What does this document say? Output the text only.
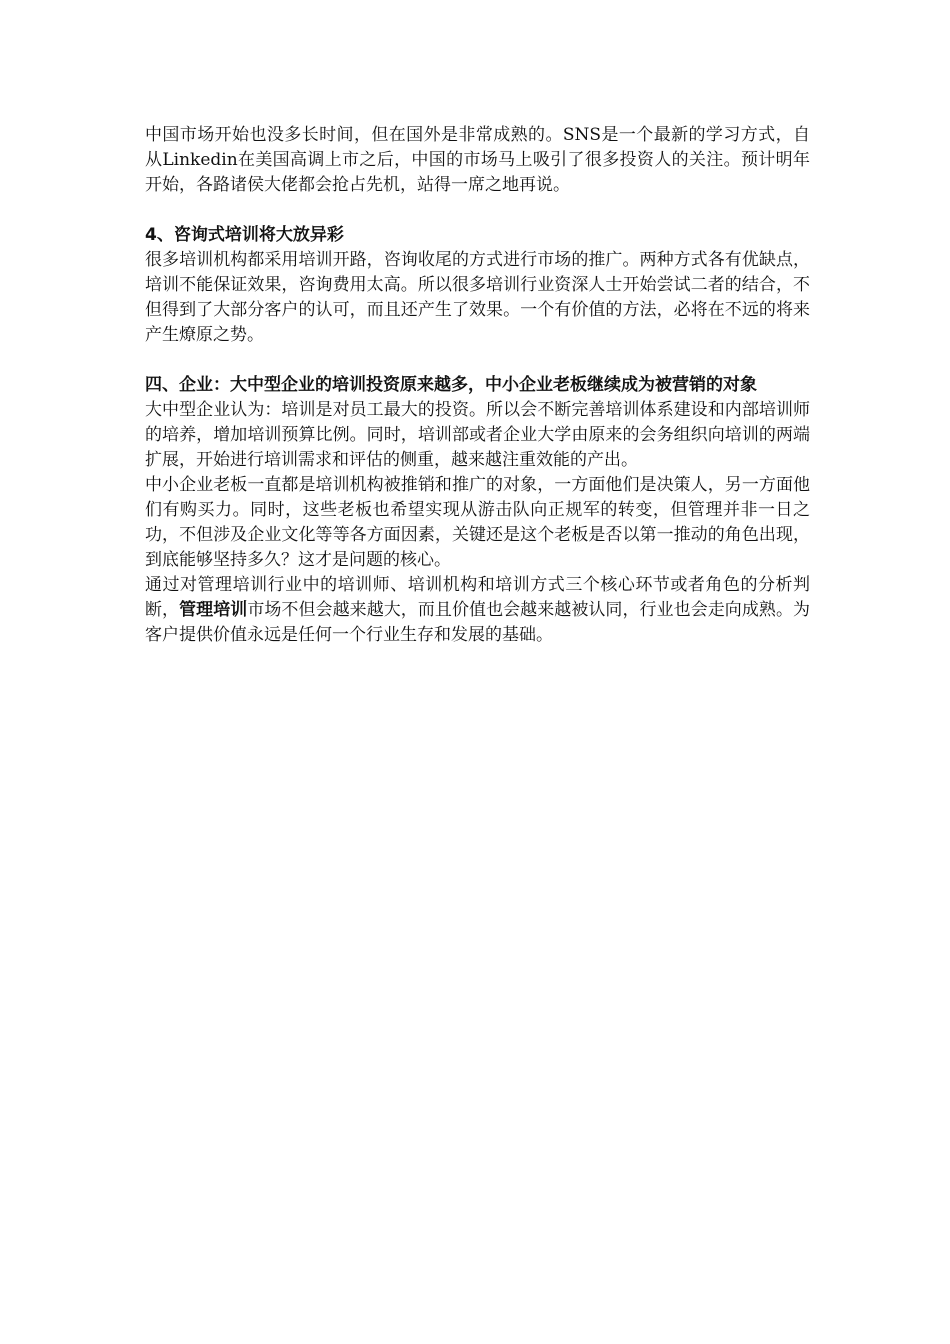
中国市场开始也没多长时间，但在国外是非常成熟的。SNS是一个最新的学习方式，自从Linkedin在美国高调上市之后，中国的市场马上吸引了很多投资人的关注。预计明年开始，各路诸侯大佬都会抢占先机，站得一席之地再说。

4、咨询式培训将大放异彩

很多培训机构都采用培训开路，咨询收尾的方式进行市场的推广。两种方式各有优缺点，培训不能保证效果，咨询费用太高。所以很多培训行业资深人士开始尝试二者的结合，不但得到了大部分客户的认可，而且还产生了效果。一个有价值的方法，必将在不远的将来产生燎原之势。

四、企业：大中型企业的培训投资原来越多，中小企业老板继续成为被营销的对象

大中型企业认为：培训是对员工最大的投资。所以会不断完善培训体系建设和内部培训师的培养，增加培训预算比例。同时，培训部或者企业大学由原来的会务组织向培训的两端扩展，开始进行培训需求和评估的侧重，越来越注重效能的产出。

中小企业老板一直都是培训机构被推销和推广的对象，一方面他们是决策人，另一方面他们有购买力。同时，这些老板也希望实现从游击队向正规军的转变，但管理并非一日之功，不但涉及企业文化等等各方面因素，关键还是这个老板是否以第一推动的角色出现，到底能够坚持多久？这才是问题的核心。

通过对管理培训行业中的培训师、培训机构和培训方式三个核心环节或者角色的分析判断，管理培训市场不但会越来越大，而且价值也会越来越被认同，行业也会走向成熟。为客户提供价值永远是任何一个行业生存和发展的基础。
